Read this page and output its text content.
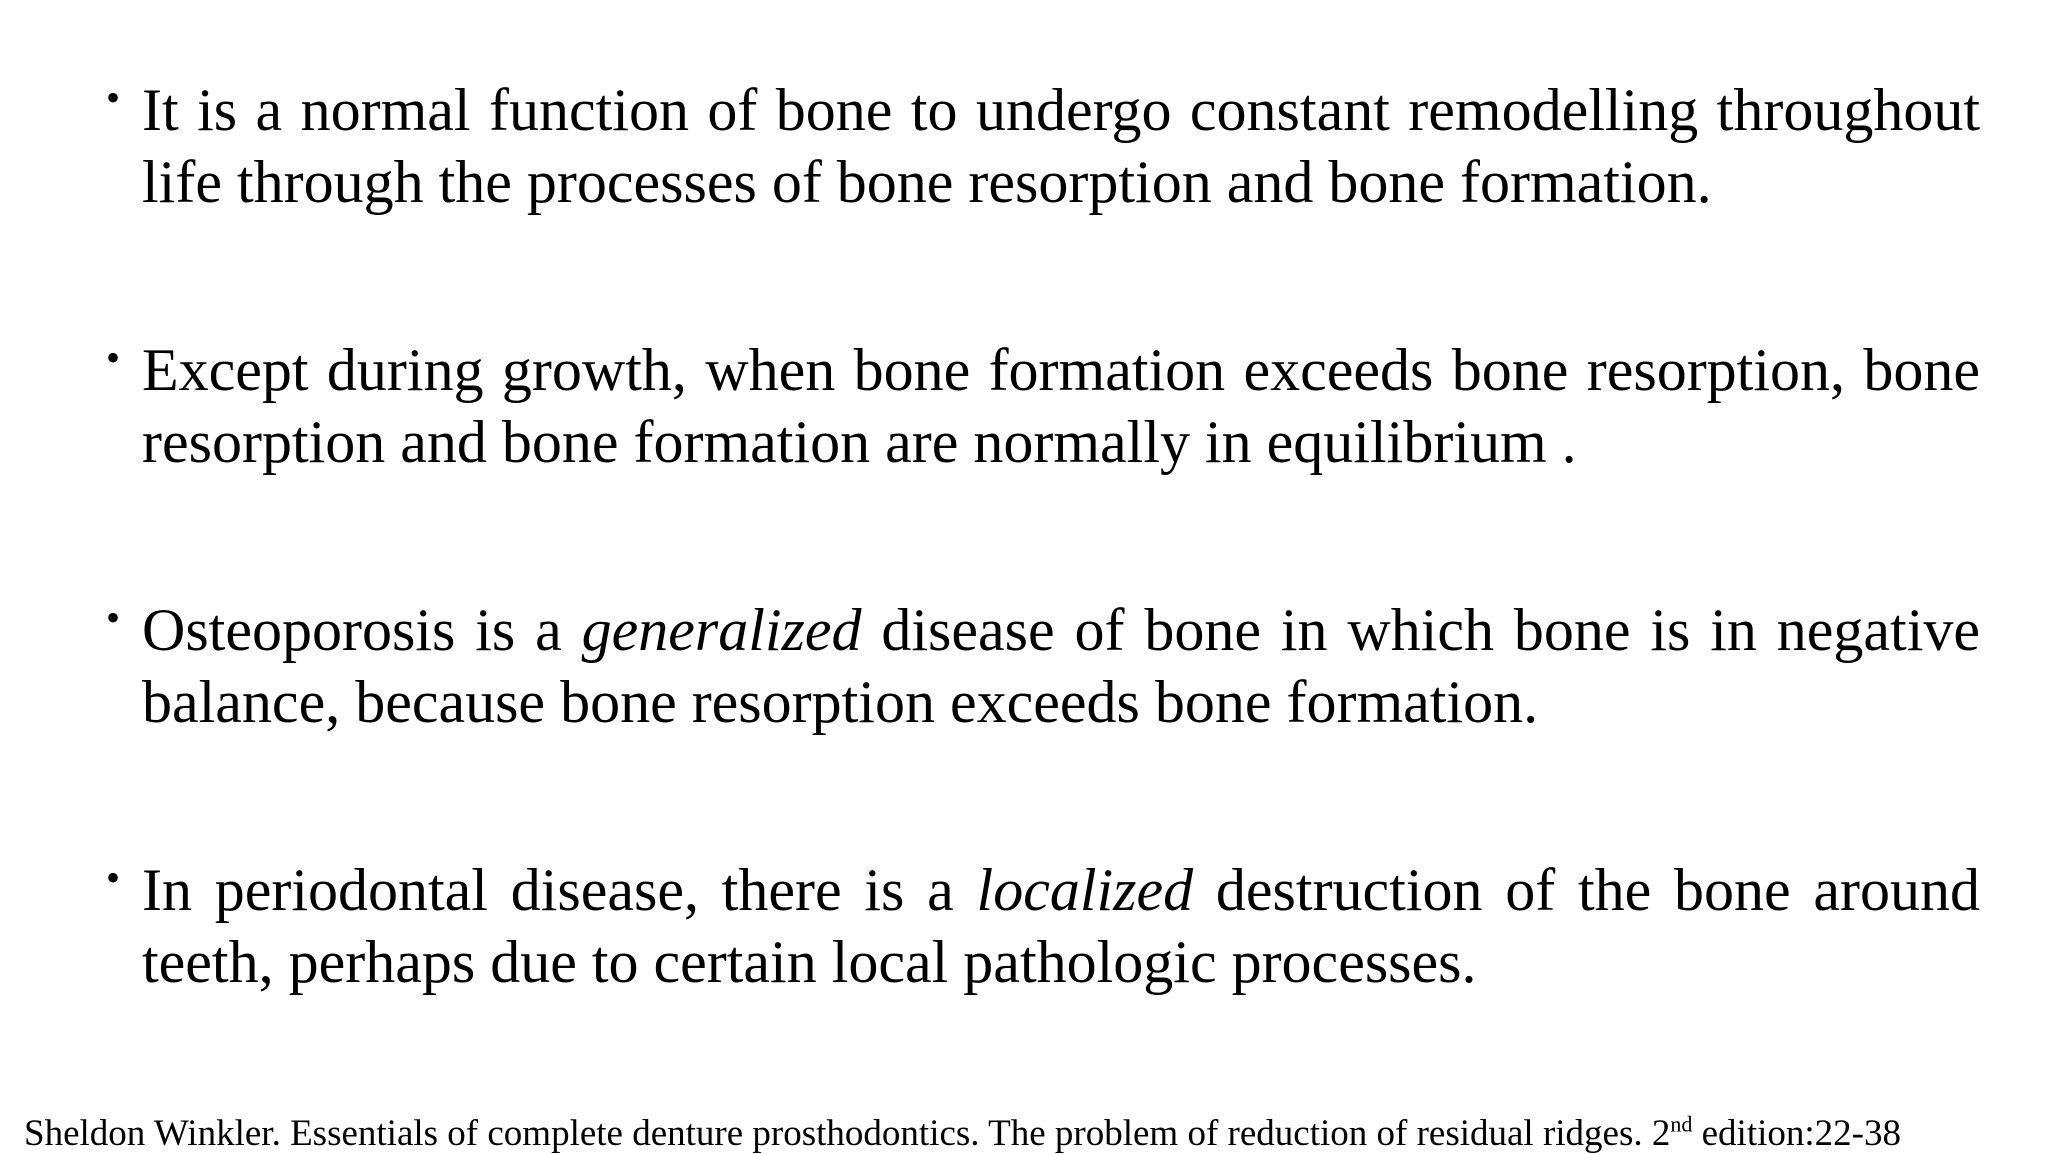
• It is a normal function of bone to undergo constant remodelling throughout life through the processes of bone resorption and bone formation.
• Except during growth, when bone formation exceeds bone resorption, bone resorption and bone formation are normally in equilibrium .
• Osteoporosis is a generalized disease of bone in which bone is in negative balance, because bone resorption exceeds bone formation.
• In periodontal disease, there is a localized destruction of the bone around teeth, perhaps due to certain local pathologic processes.
Sheldon Winkler. Essentials of complete denture prosthodontics. The problem of reduction of residual ridges. 2nd edition:22-38
